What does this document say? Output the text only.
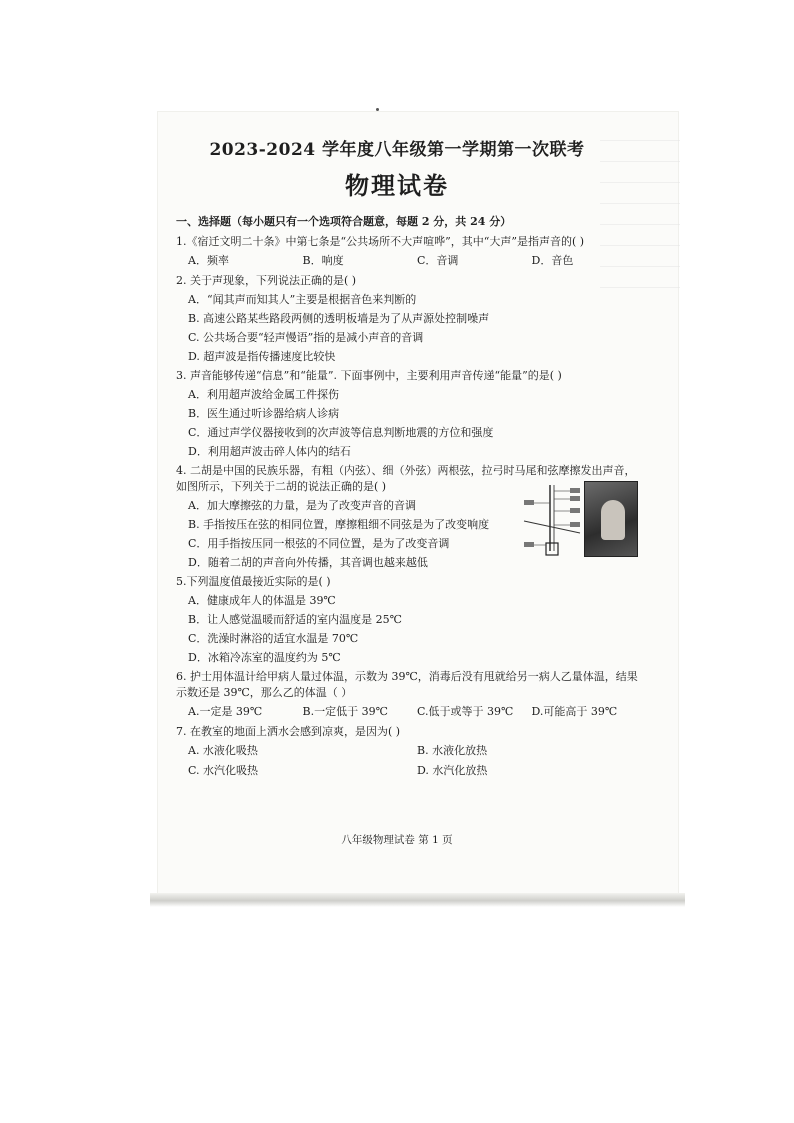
2023-2024 学年度八年级第一学期第一次联考
物理试卷
一、选择题（每小题只有一个选项符合题意，每题 2 分，共 24 分）
1.《宿迁文明二十条》中第七条是“公共场所不大声喧哗”，其中“大声”是指声音的( )
A．频率	B．响度	C．音调	D．音色
2. 关于声现象，下列说法正确的是( )
A．“闻其声而知其人”主要是根据音色来判断的
B. 高速公路某些路段两侧的透明板墙是为了从声源处控制噪声
C. 公共场合要“轻声慢语”指的是减小声音的音调
D. 超声波是指传播速度比较快
3. 声音能够传递“信息”和“能量”. 下面事例中，主要利用声音传递“能量”的是( )
A．利用超声波给金属工件探伤
B．医生通过听诊器给病人诊病
C．通过声学仪器接收到的次声波等信息判断地震的方位和强度
D．利用超声波击碎人体内的结石
4. 二胡是中国的民族乐器，有粗（内弦）、细（外弦）两根弦，拉弓时马尾和弦摩擦发出声音，如图所示，下列关于二胡的说法正确的是( )
A．加大摩擦弦的力量，是为了改变声音的音调
B. 手指按压在弦的相同位置，摩擦粗细不同弦是为了改变响度
C．用手指按压同一根弦的不同位置，是为了改变音调
D．随着二胡的声音向外传播，其音调也越来越低
5.下列温度值最接近实际的是( )
A．健康成年人的体温是 39℃
B．让人感觉温暖而舒适的室内温度是 25℃
C．洗澡时淋浴的适宜水温是 70℃
D．冰箱冷冻室的温度约为 5℃
6. 护士用体温计给甲病人量过体温，示数为 39℃，消毒后没有甩就给另一病人乙量体温，结果示数还是 39℃，那么乙的体温（ ）
A.一定是 39℃	B.一定低于 39℃	C.低于或等于 39℃	D.可能高于 39℃
7. 在教室的地面上洒水会感到凉爽，是因为( )
A. 水液化吸热	B. 水液化放热
C. 水汽化吸热	D. 水汽化放热
八年级物理试卷 第 1 页
